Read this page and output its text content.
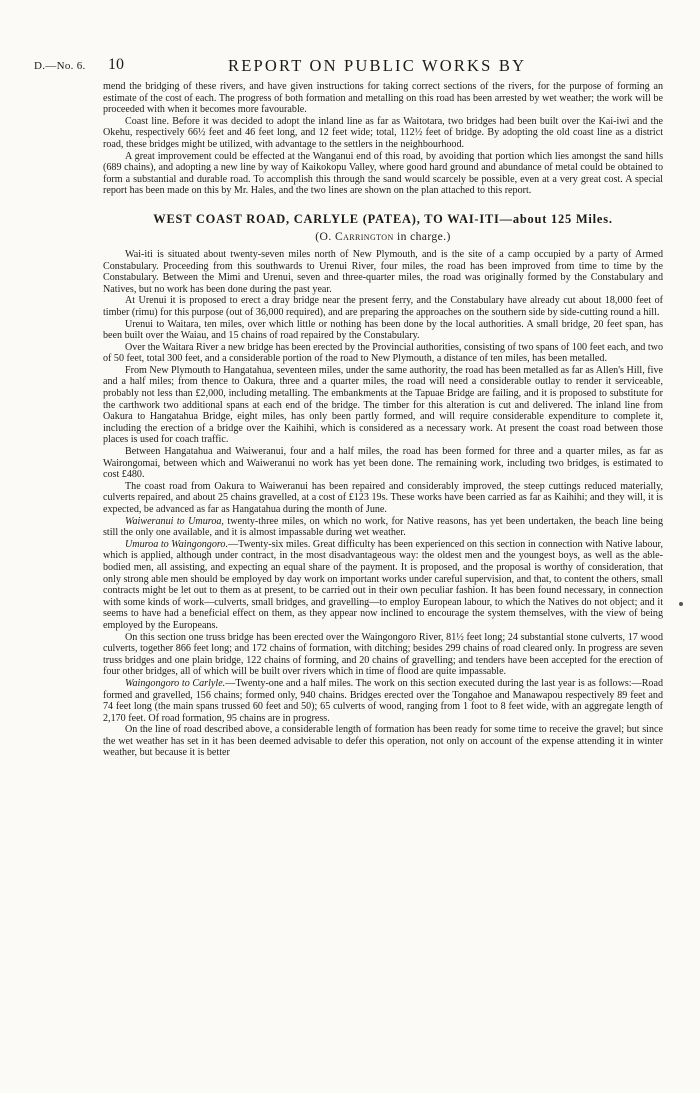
D.—No. 6. 10	REPORT ON PUBLIC WORKS BY

mend the bridging of these rivers, and have given instructions for taking correct sections of the rivers, for the purpose of forming an estimate of the cost of each. The progress of both formation and metalling on this road has been arrested by wet weather; the work will be proceeded with when it becomes more favourable.

Coast line. Before it was decided to adopt the inland line as far as Waitotara, two bridges had been built over the Kai-iwi and the Okehu, respectively 66½ feet and 46 feet long, and 12 feet wide; total, 112½ feet of bridge. By adopting the old coast line as a district road, these bridges might be utilized, with advantage to the settlers in the neighbourhood.

A great improvement could be effected at the Wanganui end of this road, by avoiding that portion which lies amongst the sand hills (689 chains), and adopting a new line by way of Kaikokopu Valley, where good hard ground and abundance of metal could be obtained to form a substantial and durable road. To accomplish this through the sand would scarcely be possible, even at a very great cost. A special report has been made on this by Mr. Hales, and the two lines are shown on the plan attached to this report.

WEST COAST ROAD, CARLYLE (PATEA), TO WAI-ITI—about 125 Miles.
(O. Carrington in charge.)

Wai-iti is situated about twenty-seven miles north of New Plymouth, and is the site of a camp occupied by a party of Armed Constabulary. Proceeding from this southwards to Urenui River, four miles, the road has been improved from time to time by the Constabulary. Between the Mimi and Urenui, seven and three-quarter miles, the road was originally formed by the Constabulary and Natives, but no work has been done during the past year.

At Urenui it is proposed to erect a dray bridge near the present ferry, and the Constabulary have already cut about 18,000 feet of timber (rimu) for this purpose (out of 36,000 required), and are preparing the approaches on the southern side by side-cutting round a hill.

Urenui to Waitara, ten miles, over which little or nothing has been done by the local authorities. A small bridge, 20 feet span, has been built over the Waiau, and 15 chains of road repaired by the Constabulary.

Over the Waitara River a new bridge has been erected by the Provincial authorities, consisting of two spans of 100 feet each, and two of 50 feet, total 300 feet, and a considerable portion of the road to New Plymouth, a distance of ten miles, has been metalled.

From New Plymouth to Hangatahua, seventeen miles, under the same authority, the road has been metalled as far as Allen's Hill, five and a half miles; from thence to Oakura, three and a quarter miles, the road will need a considerable outlay to render it serviceable, probably not less than £2,000, including metalling. The embankments at the Tapuae Bridge are failing, and it is proposed to substitute for the carthwork two additional spans at each end of the bridge. The timber for this alteration is cut and delivered. The inland line from Oakura to Hangatahua Bridge, eight miles, has only been partly formed, and will require considerable expenditure to complete it, including the erection of a bridge over the Kaihihi, which is considered as a necessary work. At present the coast road between those places is used for coach traffic.

Between Hangatahua and Waiweranui, four and a half miles, the road has been formed for three and a quarter miles, as far as Wairongomai, between which and Waiweranui no work has yet been done. The remaining work, including two bridges, is estimated to cost £480.

The coast road from Oakura to Waiweranui has been repaired and considerably improved, the steep cuttings reduced materially, culverts repaired, and about 25 chains gravelled, at a cost of £123 19s. These works have been carried as far as Kaihihi; and they will, it is expected, be advanced as far as Hangatahua during the month of June.

Waiweranui to Umuroa, twenty-three miles, on which no work, for Native reasons, has yet been undertaken, the beach line being still the only one available, and it is almost impassable during wet weather.

Umuroa to Waingongoro.—Twenty-six miles. Great difficulty has been experienced on this section in connection with Native labour, which is applied, although under contract, in the most disadvantageous way: the oldest men and the youngest boys, as well as the able-bodied men, all assisting, and expecting an equal share of the payment. It is proposed, and the proposal is worthy of consideration, that only strong able men should be employed by day work on important works under careful supervision, and that, to content the others, small contracts might be let out to them as at present, to be carried out in their own peculiar fashion. It has been found necessary, in connection with some kinds of work—culverts, small bridges, and gravelling—to employ European labour, to which the Natives do not object; and it seems to have had a beneficial effect on them, as they appear now inclined to encourage the system themselves, with the view of being employed by the Europeans.

On this section one truss bridge has been erected over the Waingongoro River, 81½ feet long; 24 substantial stone culverts, 17 wood culverts, together 866 feet long; and 172 chains of formation, with ditching; besides 299 chains of road cleared only. In progress are seven truss bridges and one plain bridge, 122 chains of forming, and 20 chains of gravelling; and tenders have been accepted for the erection of four other bridges, all of which will be built over rivers which in time of flood are quite impassable.

Waingongoro to Carlyle.—Twenty-one and a half miles. The work on this section executed during the last year is as follows:—Road formed and gravelled, 156 chains; formed only, 940 chains. Bridges erected over the Tongahoe and Manawapou respectively 89 feet and 74 feet long (the main spans trussed 60 feet and 50); 65 culverts of wood, ranging from 1 foot to 8 feet wide, with an aggregate length of 2,170 feet. Of road formation, 95 chains are in progress.

On the line of road described above, a considerable length of formation has been ready for some time to receive the gravel; but since the wet weather has set in it has been deemed advisable to defer this operation, not only on account of the expense attending it in winter weather, but because it is better
